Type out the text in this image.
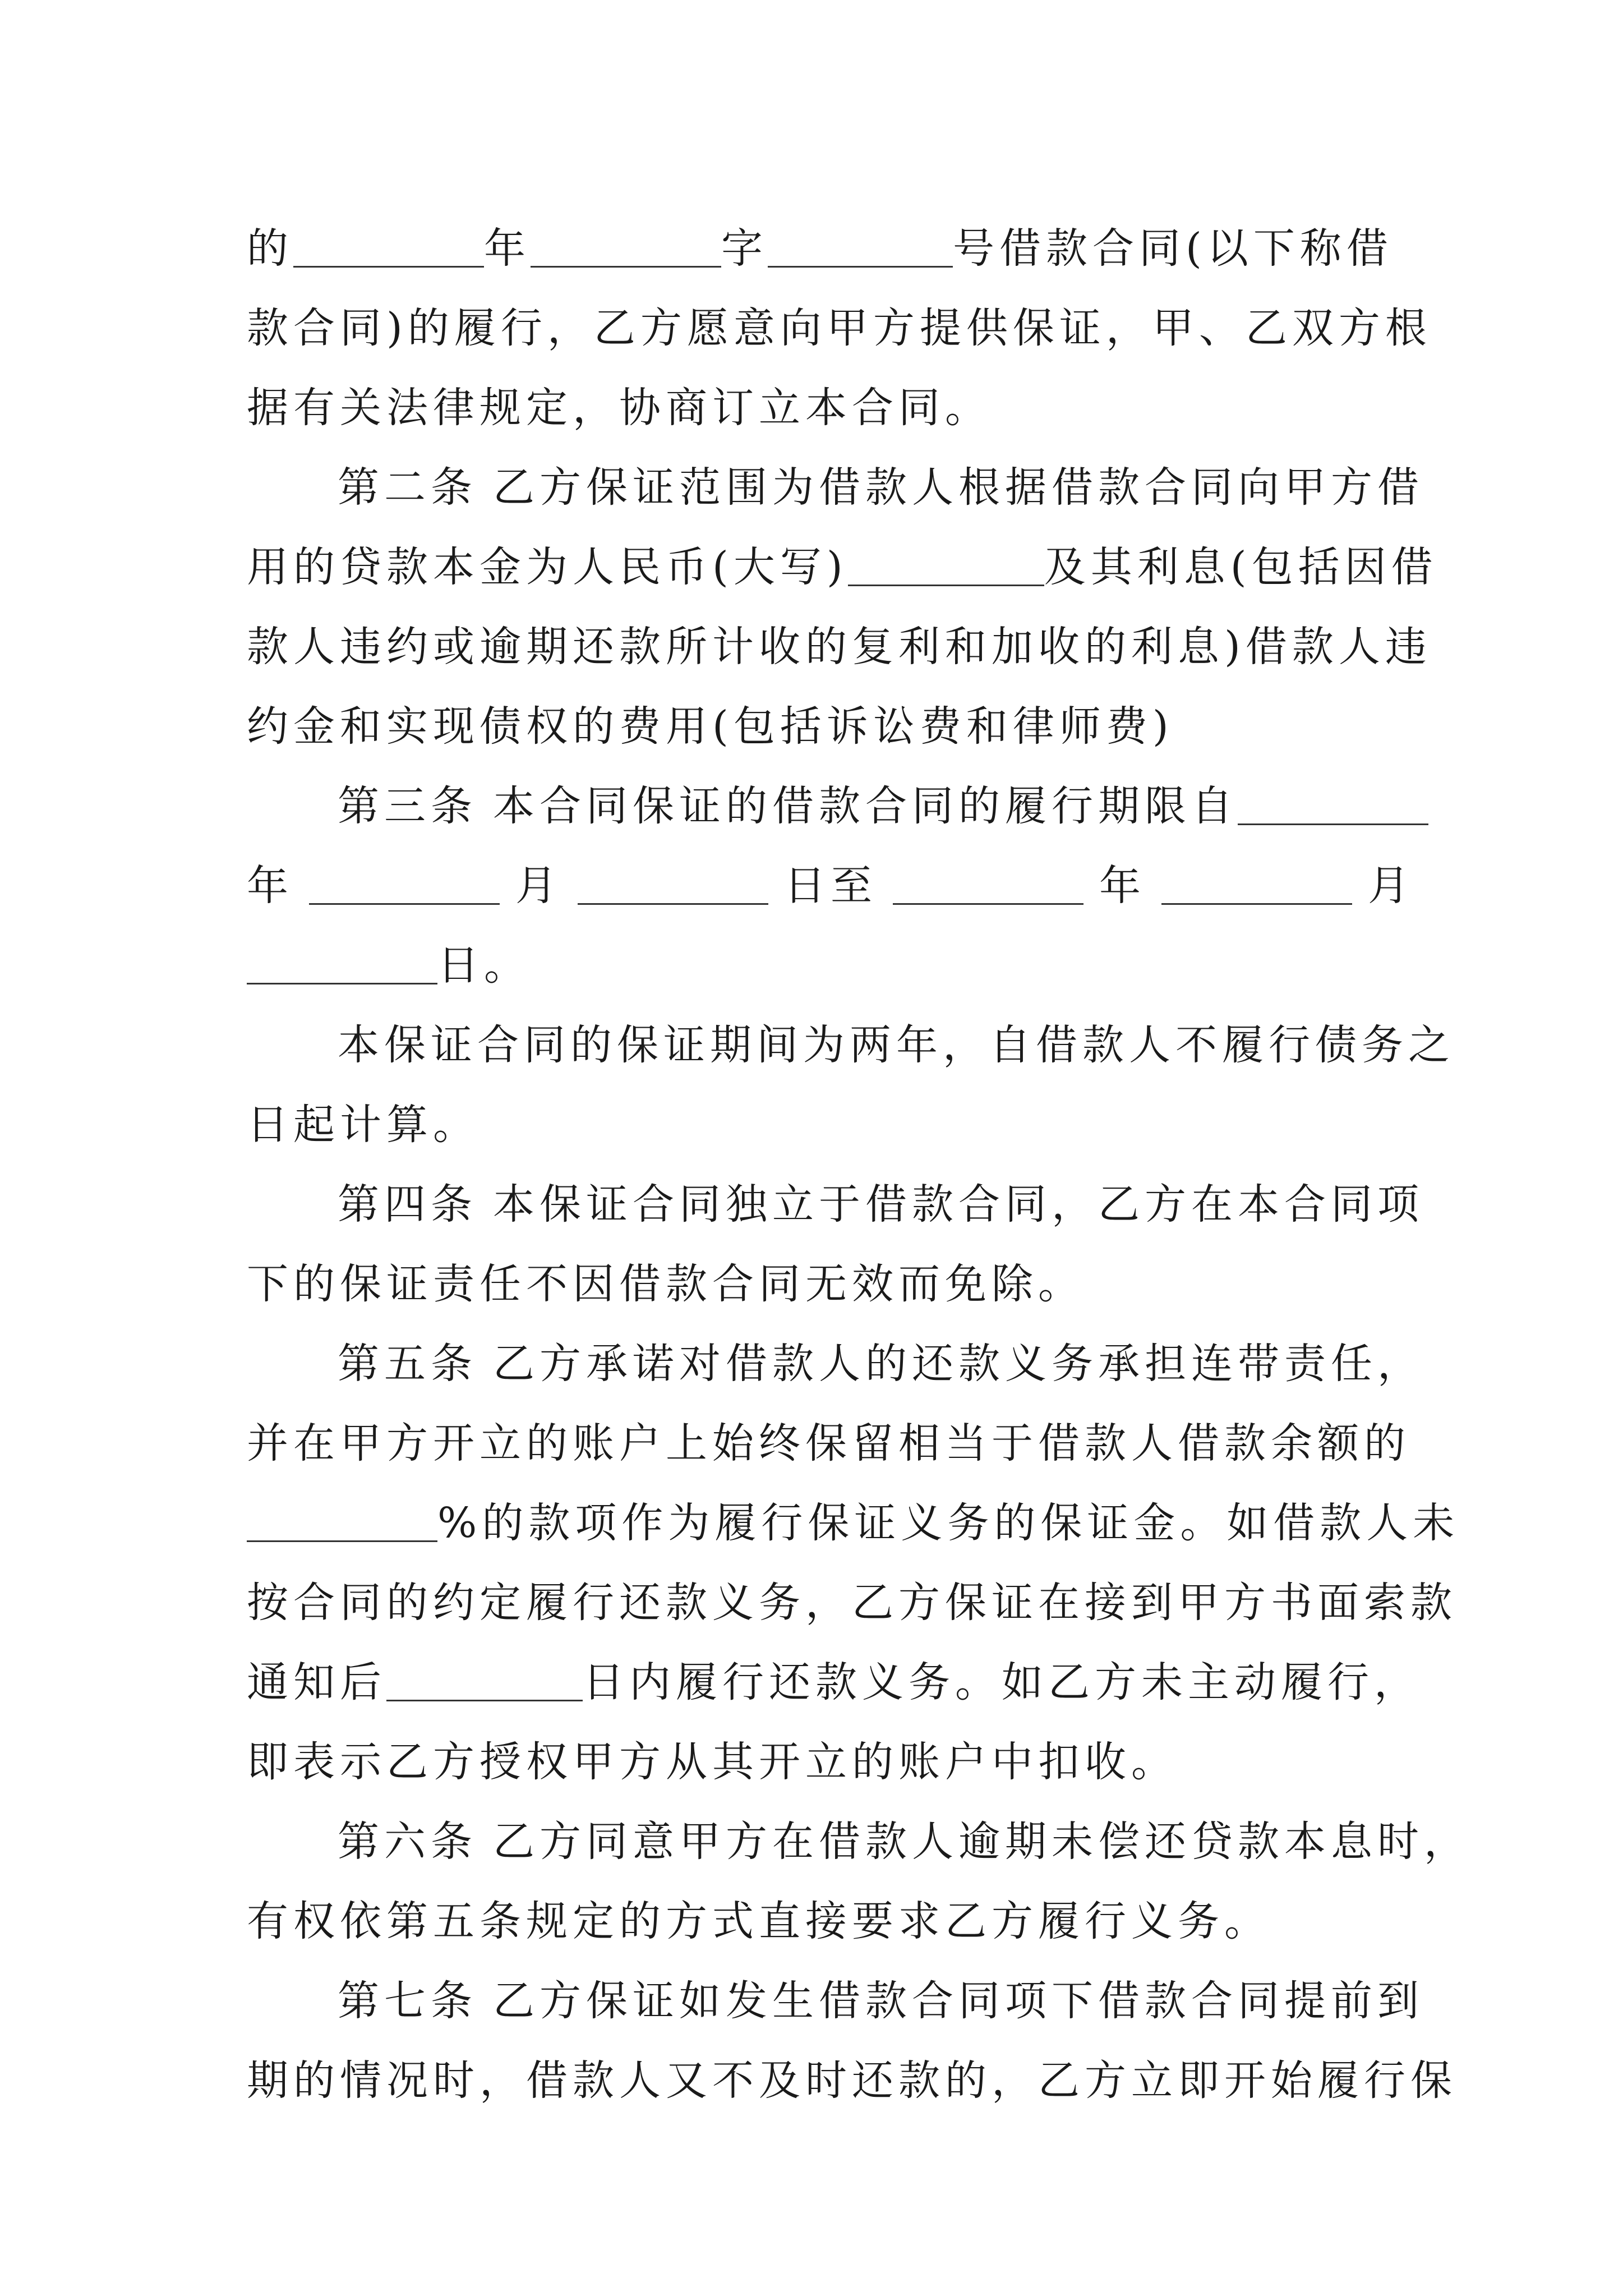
的	年	字	号借款合同(以下称借
款合同)的履行，乙方愿意向甲方提供保证，甲、乙双方根
据有关法律规定，协商订立本合同。
第二条 乙方保证范围为借款人根据借款合同向甲方借
用的贷款本金为人民币(大写)	及其利息(包括因借
款人违约或逾期还款所计收的复利和加收的利息)借款人违
约金和实现债权的费用(包括诉讼费和律师费)
第三条 本合同保证的借款合同的履行期限自
年	月	日至	年	月
日。
本保证合同的保证期间为两年，自借款人不履行债务之
日起计算。
第四条 本保证合同独立于借款合同，乙方在本合同项
下的保证责任不因借款合同无效而免除。
第五条 乙方承诺对借款人的还款义务承担连带责任，
并在甲方开立的账户上始终保留相当于借款人借款余额的
%的款项作为履行保证义务的保证金。如借款人未
按合同的约定履行还款义务，乙方保证在接到甲方书面索款
通知后	日内履行还款义务。如乙方未主动履行，
即表示乙方授权甲方从其开立的账户中扣收。
第六条 乙方同意甲方在借款人逾期未偿还贷款本息时，
有权依第五条规定的方式直接要求乙方履行义务。
第七条 乙方保证如发生借款合同项下借款合同提前到
期的情况时，借款人又不及时还款的，乙方立即开始履行保
